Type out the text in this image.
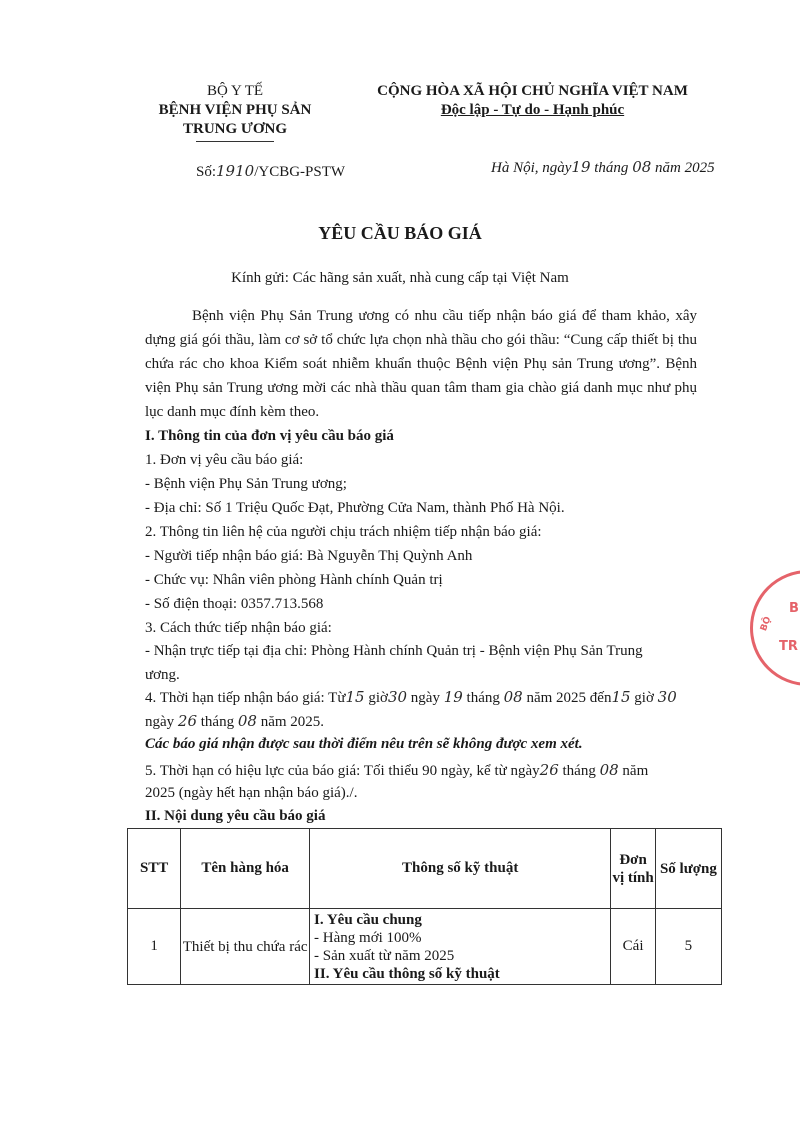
BỘ Y TẾ
BỆNH VIỆN PHỤ SẢN
TRUNG ƯƠNG
CỘNG HÒA XÃ HỘI CHỦ NGHĨA VIỆT NAM
Độc lập - Tự do - Hạnh phúc
Số:1910/YCBG-PSTW	Hà Nội, ngày19 tháng 08 năm 2025
YÊU CẦU BÁO GIÁ
Kính gửi: Các hãng sản xuất, nhà cung cấp tại Việt Nam
Bệnh viện Phụ Sản Trung ương có nhu cầu tiếp nhận báo giá để tham khảo, xây dựng giá gói thầu, làm cơ sở tổ chức lựa chọn nhà thầu cho gói thầu: “Cung cấp thiết bị thu chứa rác cho khoa Kiểm soát nhiễm khuẩn thuộc Bệnh viện Phụ sản Trung ương”. Bệnh viện Phụ sản Trung ương mời các nhà thầu quan tâm tham gia chào giá danh mục như phụ lục danh mục đính kèm theo.
I. Thông tin của đơn vị yêu cầu báo giá
1. Đơn vị yêu cầu báo giá:
- Bệnh viện Phụ Sản Trung ương;
- Địa chỉ: Số 1 Triệu Quốc Đạt, Phường Cửa Nam, thành Phố Hà Nội.
2. Thông tin liên hệ của người chịu trách nhiệm tiếp nhận báo giá:
- Người tiếp nhận báo giá: Bà Nguyễn Thị Quỳnh Anh
- Chức vụ: Nhân viên phòng Hành chính Quản trị
- Số điện thoại: 0357.713.568
3. Cách thức tiếp nhận báo giá:
- Nhận trực tiếp tại địa chỉ: Phòng Hành chính Quản trị - Bệnh viện Phụ Sản Trung ương.
4. Thời hạn tiếp nhận báo giá: Từ15 giờ30 ngày 19 tháng 08 năm 2025 đến15 giờ 30
ngày 26 tháng 08 năm 2025.
Các báo giá nhận được sau thời điểm nêu trên sẽ không được xem xét.
5. Thời hạn có hiệu lực của báo giá: Tối thiểu 90 ngày, kể từ ngày26 tháng 08 năm
2025 (ngày hết hạn nhận báo giá)./.
II. Nội dung yêu cầu báo giá
STT	Tên hàng hóa	Thông số kỹ thuật	Đơn vị tính	Số lượng
1	Thiết bị thu chứa rác	I. Yêu cầu chung
- Hàng mới 100%
- Sản xuất từ năm 2025
II. Yêu cầu thông số kỹ thuật	Cái	5
B
BỘ
TR
